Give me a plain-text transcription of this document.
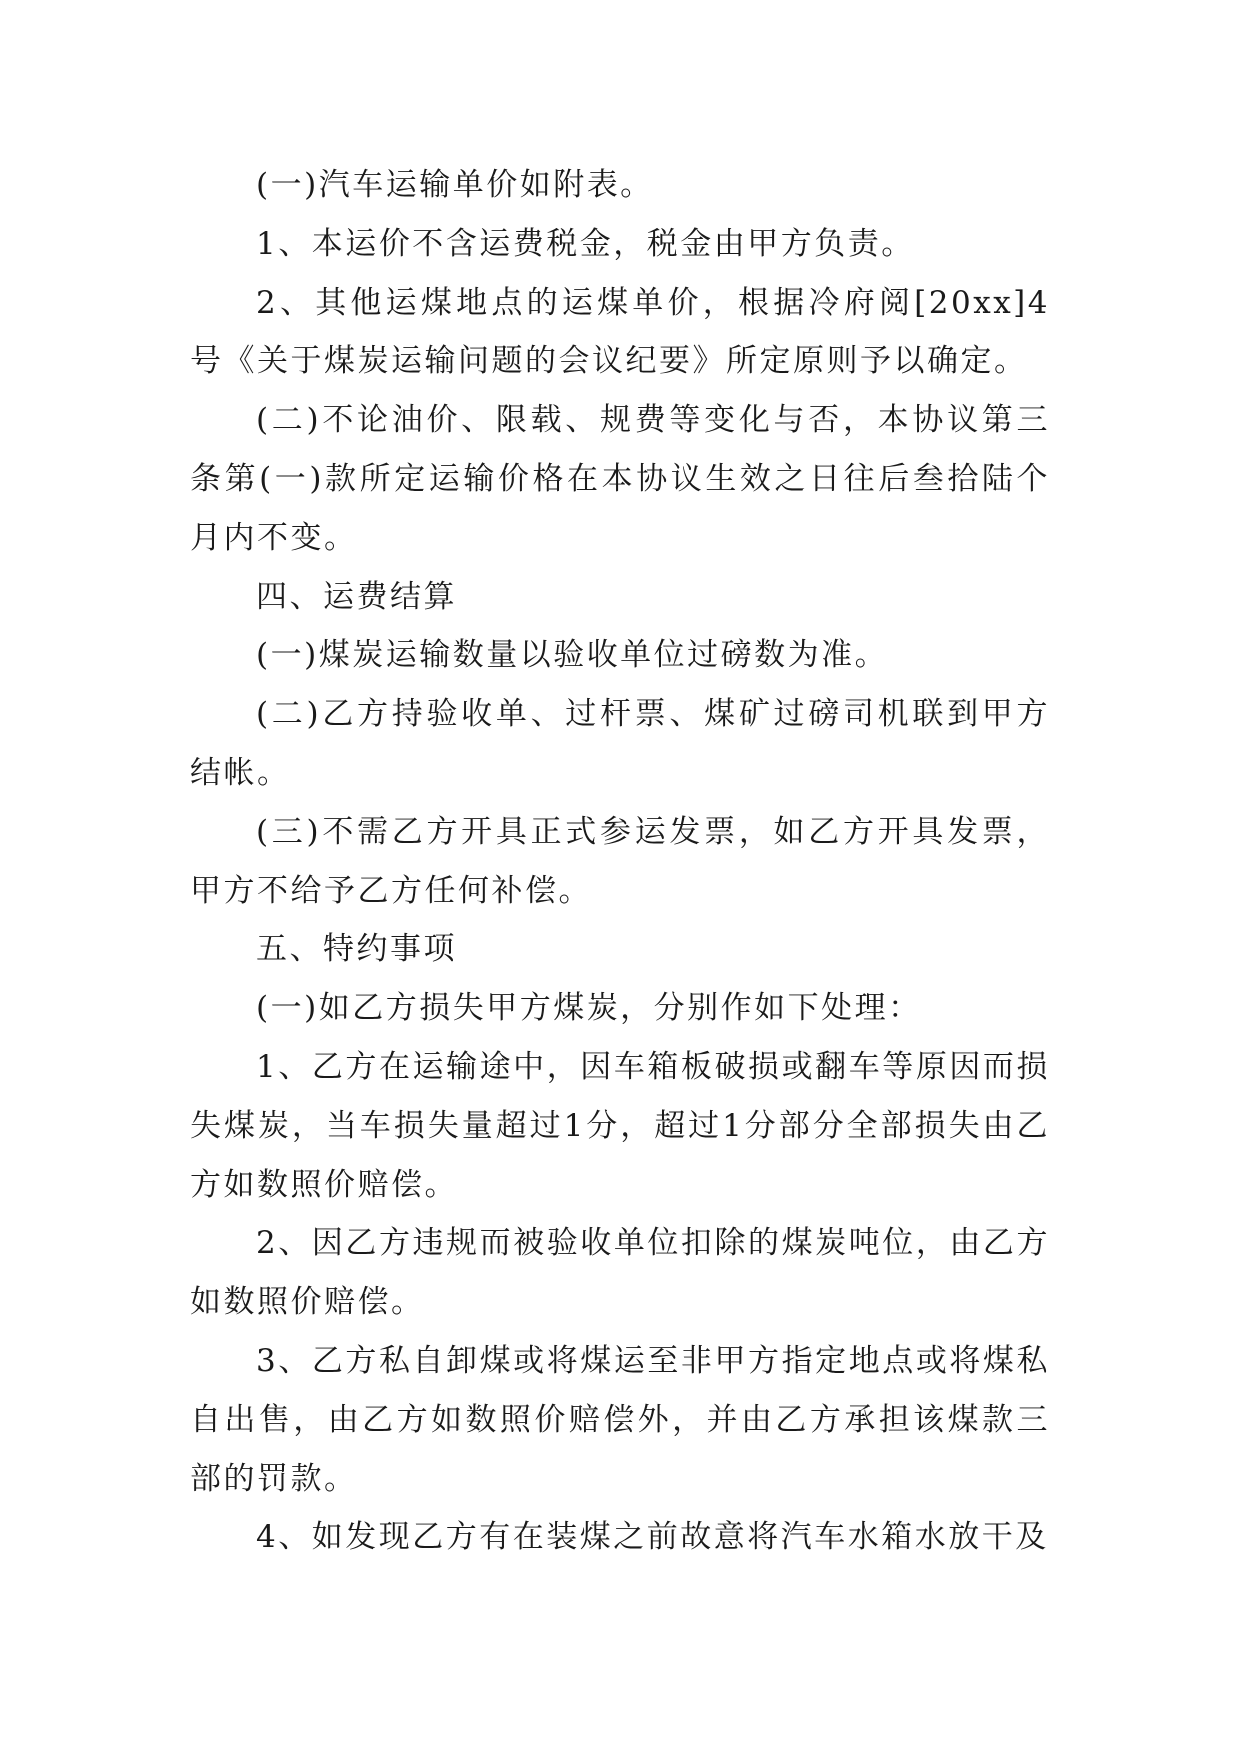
(一)汽车运输单价如附表。

1、本运价不含运费税金，税金由甲方负责。

2、其他运煤地点的运煤单价，根据冷府阅[20xx]4号《关于煤炭运输问题的会议纪要》所定原则予以确定。

(二)不论油价、限载、规费等变化与否，本协议第三条第(一)款所定运输价格在本协议生效之日往后叁拾陆个月内不变。

四、运费结算

(一)煤炭运输数量以验收单位过磅数为准。

(二)乙方持验收单、过杆票、煤矿过磅司机联到甲方结帐。

(三)不需乙方开具正式参运发票，如乙方开具发票，甲方不给予乙方任何补偿。

五、特约事项

(一)如乙方损失甲方煤炭，分别作如下处理：

1、乙方在运输途中，因车箱板破损或翻车等原因而损失煤炭，当车损失量超过1分，超过1分部分全部损失由乙方如数照价赔偿。

2、因乙方违规而被验收单位扣除的煤炭吨位，由乙方如数照价赔偿。

3、乙方私自卸煤或将煤运至非甲方指定地点或将煤私自出售，由乙方如数照价赔偿外，并由乙方承担该煤款三部的罚款。

4、如发现乙方有在装煤之前故意将汽车水箱水放干及
